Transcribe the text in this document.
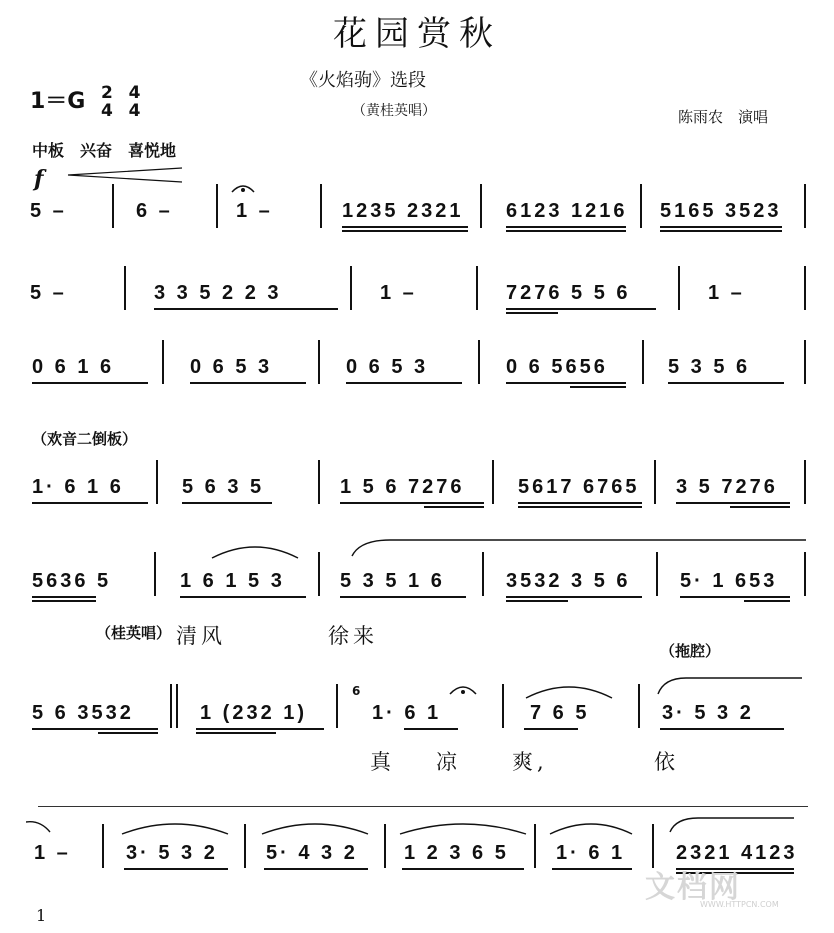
花园赏秋
《火焰驹》选段
（黄桂英唱）	陈雨农　演唱
1＝G 2
4

4
4
中板　兴奋　喜悦地
f
5 –	6 –	1 –	1235 2321 6123 1216 5165 3523
5 –	3 3 5 2 2 3	1 –	7276 5 5 6	1 –
0 6 1 6	0 6 5 3	0 6 5 3	0 6 5656	5 3 5 6
（欢音二倒板）
1· 6 1 6	5 6 3 5	1 5 6 7276	5617 6765 3 5 7276
5636 5	1 6 1 5 3	5 3 5 1 6	3532 3 5 6 5· 1 653
（桂英唱） 清风	徐来
（拖腔）
5 6 3532	1 (232 1)	1· 6 1	7 6 5	3· 5 3 2
6
真 凉 爽,	依
1 –	3· 5 3 2 5· 4 3 2 1 2 3 6 5 1· 6 1	2321 4123
1
文档网
WWW.HTTPCN.COM
